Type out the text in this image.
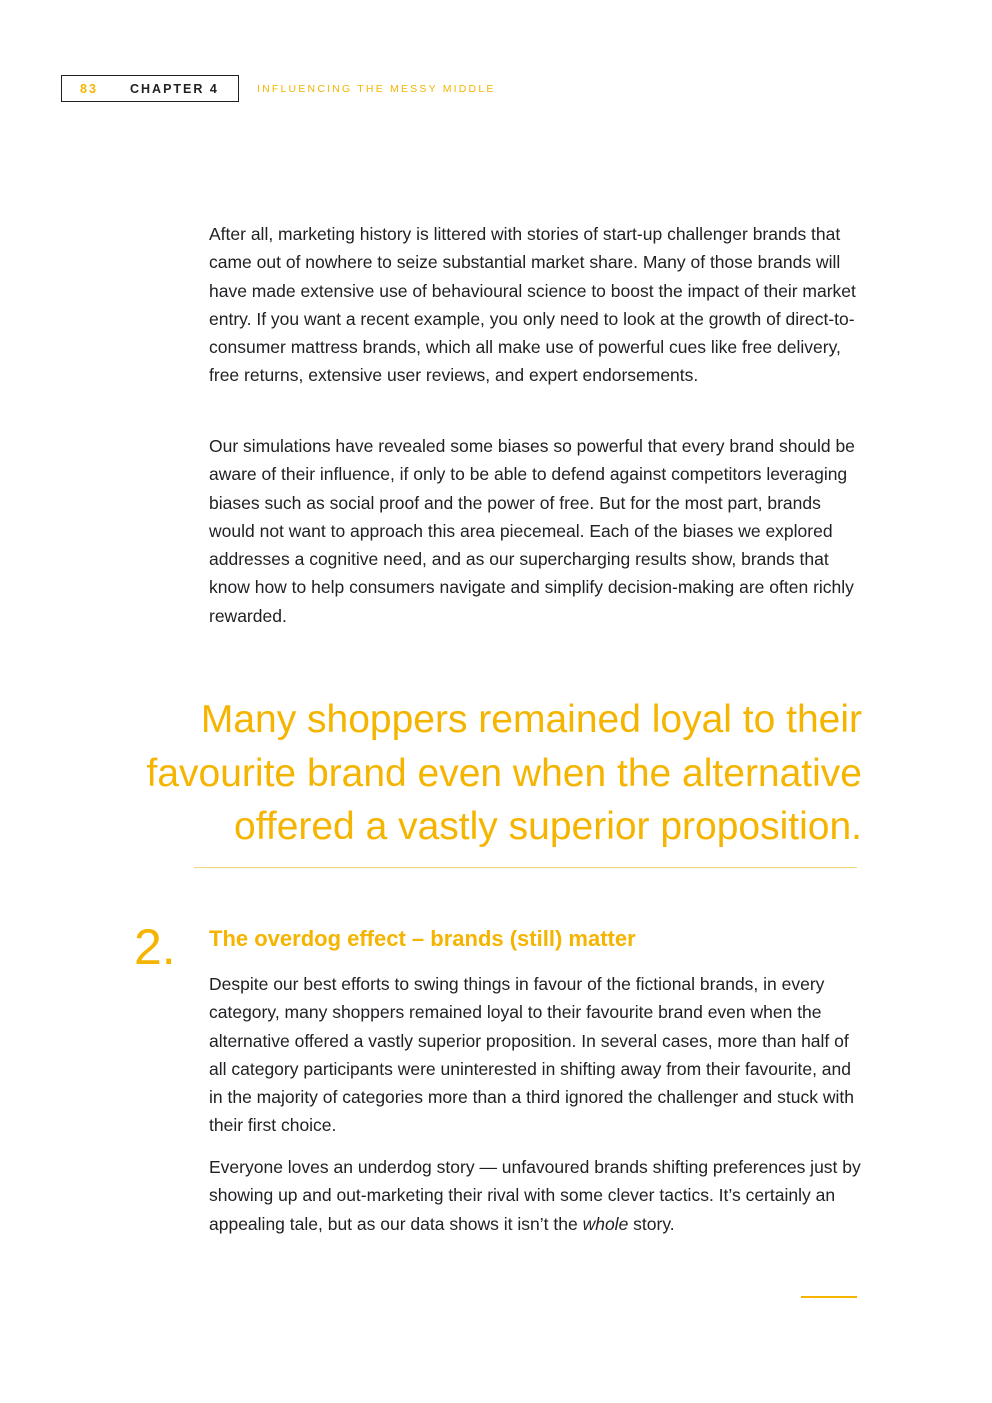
83	CHAPTER 4	INFLUENCING THE MESSY MIDDLE

After all, marketing history is littered with stories of start-up challenger brands that came out of nowhere to seize substantial market share. Many of those brands will have made extensive use of behavioural science to boost the impact of their market entry. If you want a recent example, you only need to look at the growth of direct-to-consumer mattress brands, which all make use of powerful cues like free delivery, free returns, extensive user reviews, and expert endorsements.

Our simulations have revealed some biases so powerful that every brand should be aware of their influence, if only to be able to defend against competitors leveraging biases such as social proof and the power of free. But for the most part, brands would not want to approach this area piecemeal. Each of the biases we explored addresses a cognitive need, and as our supercharging results show, brands that know how to help consumers navigate and simplify decision-making are often richly rewarded.

Many shoppers remained loyal to their
favourite brand even when the alternative
offered a vastly superior proposition.

2. The overdog effect – brands (still) matter

Despite our best efforts to swing things in favour of the fictional brands, in every category, many shoppers remained loyal to their favourite brand even when the alternative offered a vastly superior proposition. In several cases, more than half of all category participants were uninterested in shifting away from their favourite, and in the majority of categories more than a third ignored the challenger and stuck with their first choice.

Everyone loves an underdog story — unfavoured brands shifting preferences just by showing up and out-marketing their rival with some clever tactics. It’s certainly an appealing tale, but as our data shows it isn’t the whole story.
